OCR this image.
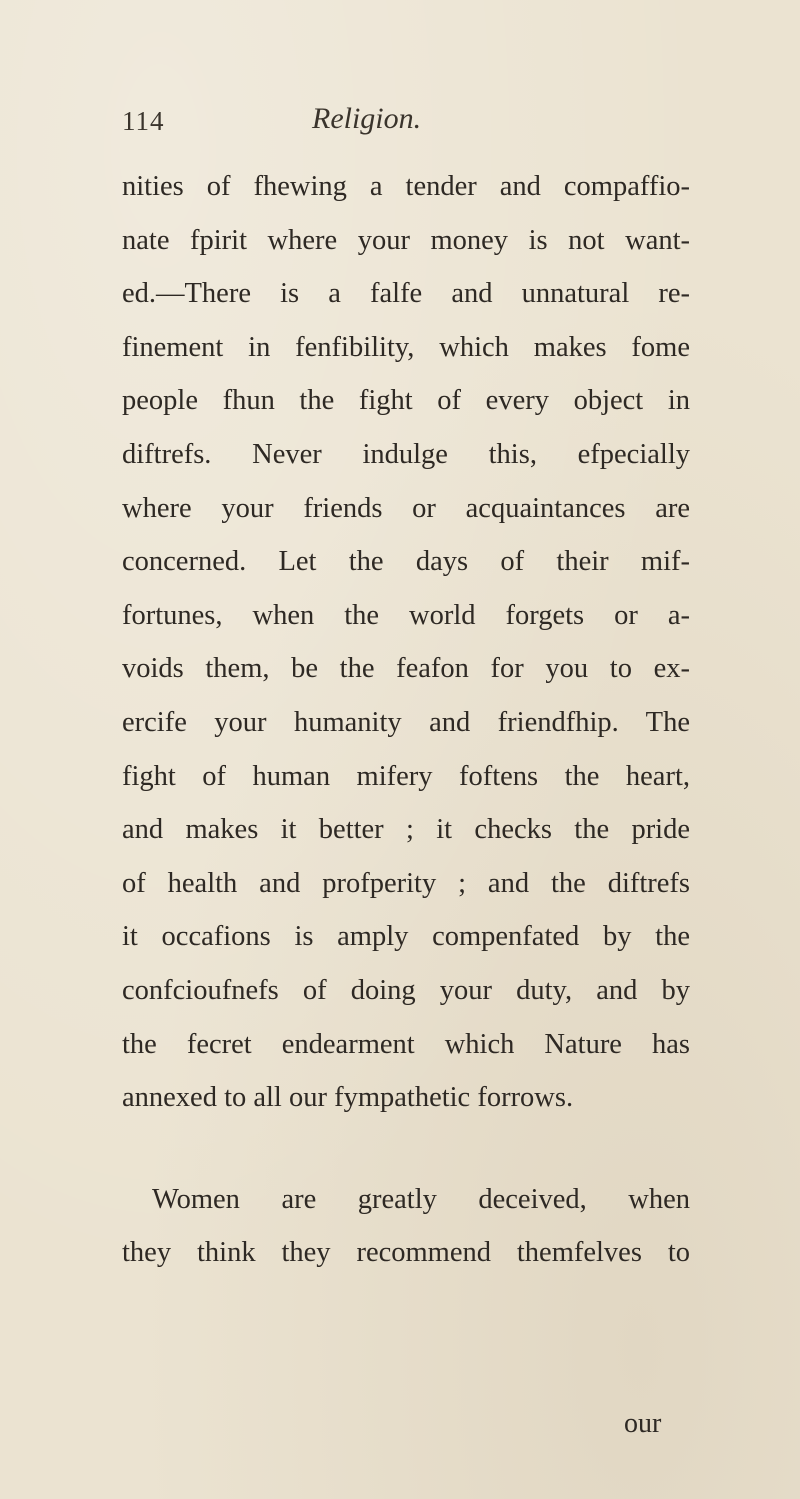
114	Religion.
nities of fhewing a tender and compaffio-
nate fpirit where your money is not want-
ed.—There is a falfe and unnatural re-
finement in fenfibility, which makes fome
people fhun the fight of every object in
diftrefs. Never indulge this, efpecially
where your friends or acquaintances are
concerned. Let the days of their mif-
fortunes, when the world forgets or a-
voids them, be the feafon for you to ex-
ercife your humanity and friendfhip. The
fight of human mifery foftens the heart,
and makes it better ; it checks the pride
of health and profperity ; and the diftrefs
it occafions is amply compenfated by the
confcioufnefs of doing your duty, and by
the fecret endearment which Nature has
annexed to all our fympathetic forrows.
Women are greatly deceived, when
they think they recommend themfelves to
our
